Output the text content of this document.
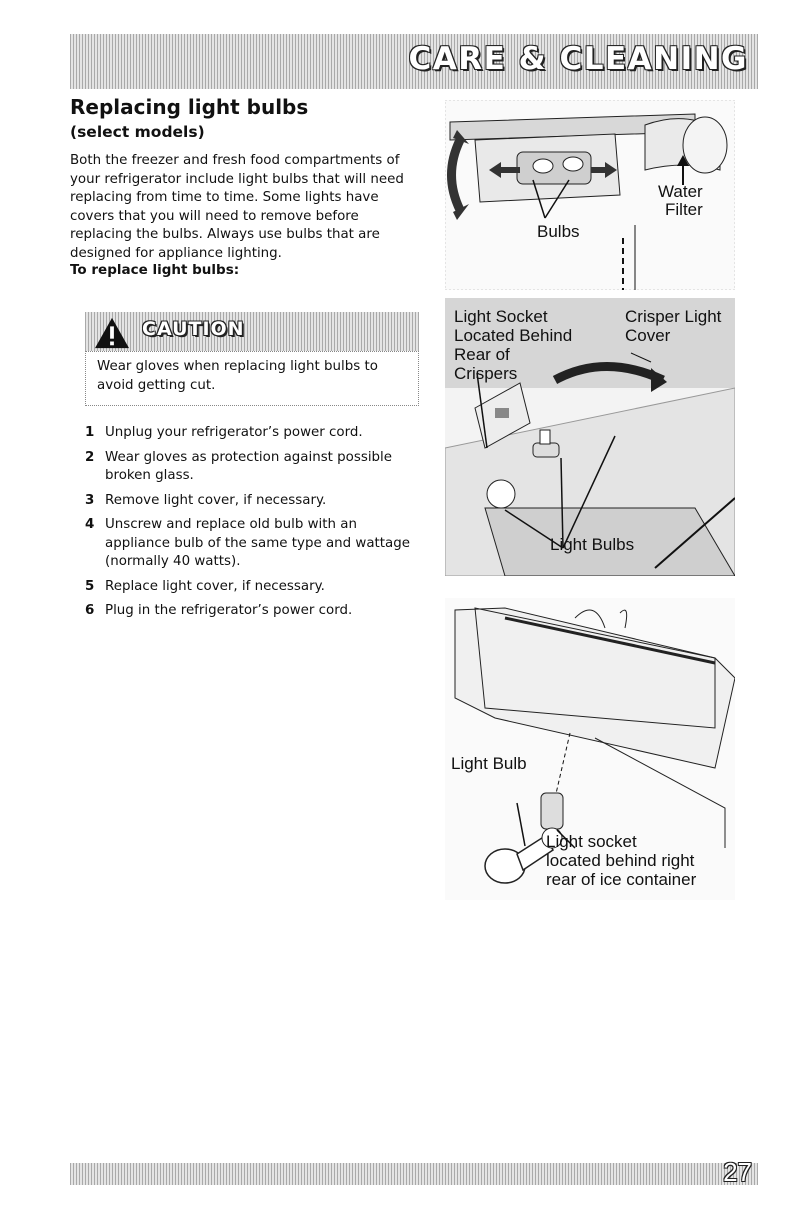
CARE & CLEANING
Replacing light bulbs
(select models)

Both the freezer and fresh food compartments of your refrigerator include light bulbs that will need replacing from time to time. Some lights have covers that you will need to remove before replacing the bulbs. Always use bulbs that are designed for appliance lighting.

To replace light bulbs:

CAUTION

Wear gloves when replacing light bulbs to avoid getting cut.

1 Unplug your refrigerator’s power cord.
2 Wear gloves as protection against possible broken glass.
3 Remove light cover, if necessary.
4 Unscrew and replace old bulb with an appliance bulb of the same type and wattage (normally 40 watts).
5 Replace light cover, if necessary.
6 Plug in the refrigerator’s power cord.
Bulbs
Water
Filter
Light Socket
Located Behind
Rear of
Crispers
Crisper Light
Cover
Light Bulbs
Light Bulb
Light socket
located behind right
rear of ice container
27
